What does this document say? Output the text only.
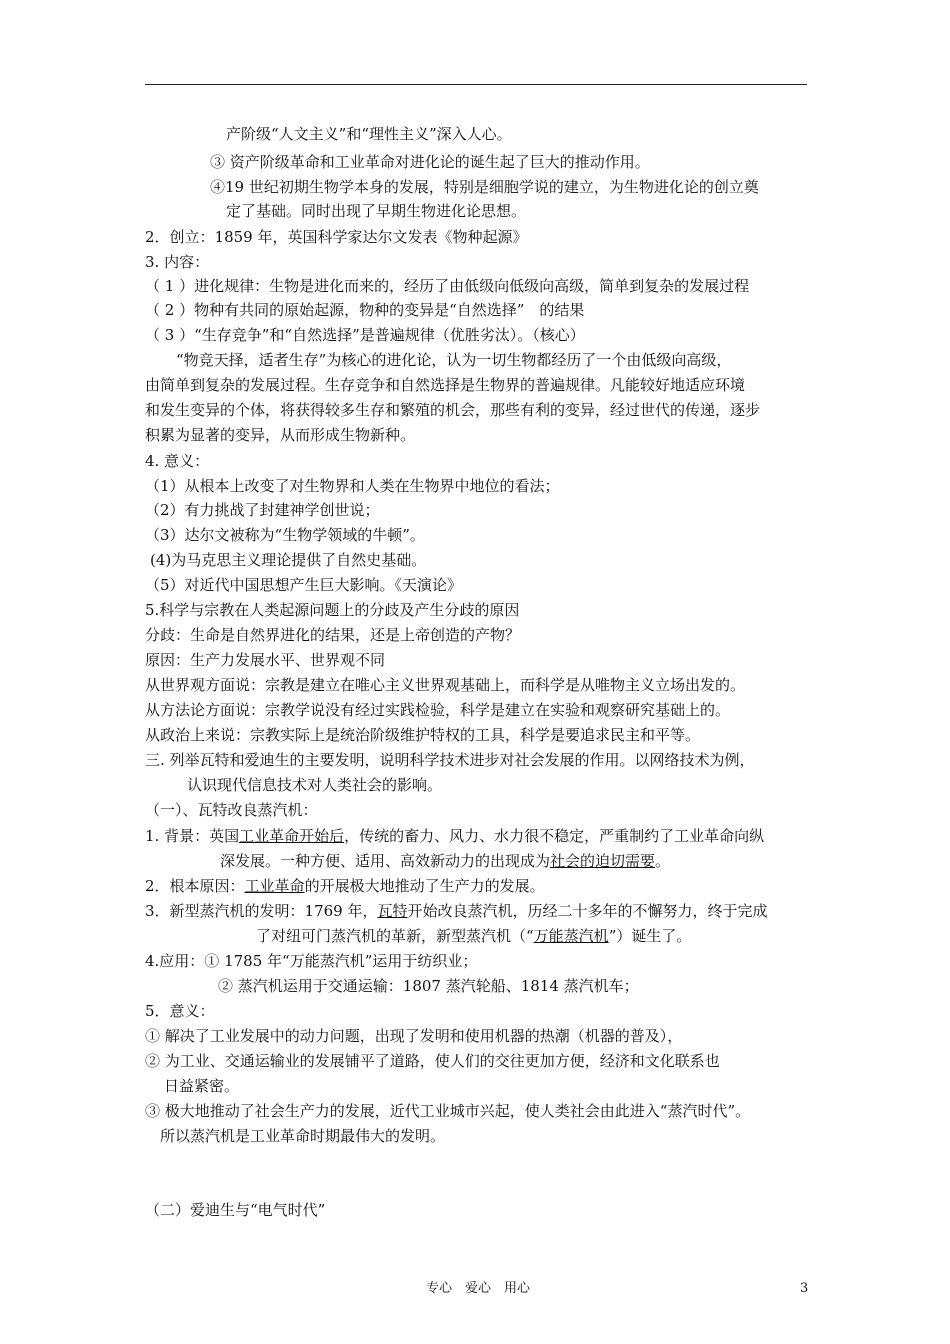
产阶级“人文主义”和“理性主义”深入人心。
③ 资产阶级革命和工业革命对进化论的诞生起了巨大的推动作用。
④19 世纪初期生物学本身的发展，特别是细胞学说的建立，为生物进化论的创立奠
定了基础。同时出现了早期生物进化论思想。
2．创立：1859 年，英国科学家达尔文发表《物种起源》
3. 内容：
（ 1 ）进化规律：生物是进化而来的，经历了由低级向低级向高级，简单到复杂的发展过程
（ 2 ）物种有共同的原始起源，物种的变异是“自然选择”　的结果
（ 3 ）“生存竞争”和“自然选择”是普遍规律（优胜劣汰）。（核心）
“物竞天择，适者生存”为核心的进化论，认为一切生物都经历了一个由低级向高级，
由简单到复杂的发展过程。生存竞争和自然选择是生物界的普遍规律。凡能较好地适应环境
和发生变异的个体，将获得较多生存和繁殖的机会，那些有利的变异，经过世代的传递，逐步
积累为显著的变异，从而形成生物新种。
4. 意义：
（1）从根本上改变了对生物界和人类在生物界中地位的看法；
（2）有力挑战了封建神学创世说；
（3）达尔文被称为“生物学领域的牛顿”。
(4)为马克思主义理论提供了自然史基础。
（5）对近代中国思想产生巨大影响。《天演论》
5.科学与宗教在人类起源问题上的分歧及产生分歧的原因
分歧：生命是自然界进化的结果，还是上帝创造的产物？
原因：生产力发展水平、世界观不同
从世界观方面说：宗教是建立在唯心主义世界观基础上，而科学是从唯物主义立场出发的。
从方法论方面说：宗教学说没有经过实践检验，科学是建立在实验和观察研究基础上的。
从政治上来说：宗教实际上是统治阶级维护特权的工具，科学是要追求民主和平等。
三. 列举瓦特和爱迪生的主要发明，说明科学技术进步对社会发展的作用。以网络技术为例，
认识现代信息技术对人类社会的影响。
（一）、瓦特改良蒸汽机：
1. 背景：英国工业革命开始后，传统的畜力、风力、水力很不稳定，严重制约了工业革命向纵
深发展。一种方便、适用、高效新动力的出现成为社会的迫切需要。
2．根本原因：工业革命的开展极大地推动了生产力的发展。
3．新型蒸汽机的发明：1769 年，瓦特开始改良蒸汽机，历经二十多年的不懈努力，终于完成
了对纽可门蒸汽机的革新，新型蒸汽机（“万能蒸汽机”）诞生了。
4.应用：① 1785 年“万能蒸汽机”运用于纺织业；
② 蒸汽机运用于交通运输：1807 蒸汽轮船、1814 蒸汽机车；
5．意义：
① 解决了工业发展中的动力问题，出现了发明和使用机器的热潮（机器的普及），
② 为工业、交通运输业的发展铺平了道路，使人们的交往更加方便，经济和文化联系也
日益紧密。
③ 极大地推动了社会生产力的发展，近代工业城市兴起，使人类社会由此进入“蒸汽时代”。
所以蒸汽机是工业革命时期最伟大的发明。
（二）爱迪生与“电气时代”
专心　爱心　用心	3
